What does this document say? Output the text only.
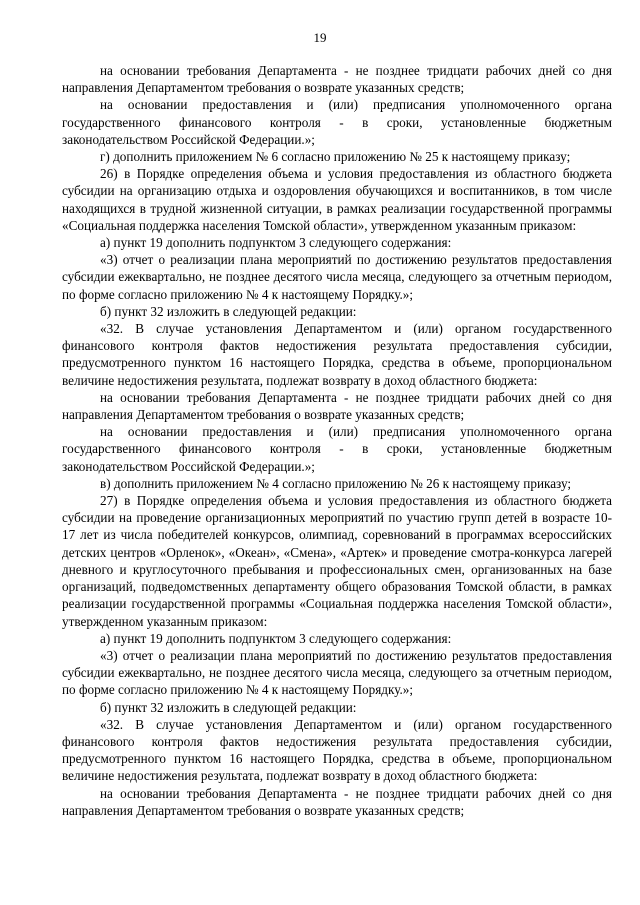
19

на основании требования Департамента - не позднее тридцати рабочих дней со дня направления Департаментом требования о возврате указанных средств;

на основании предоставления и (или) предписания уполномоченного органа государственного финансового контроля - в сроки, установленные бюджетным законодательством Российской Федерации.»;

г) дополнить приложением № 6 согласно приложению № 25 к настоящему приказу;

26) в Порядке определения объема и условия предоставления из областного бюджета субсидии на организацию отдыха и оздоровления обучающихся и воспитанников, в том числе находящихся в трудной жизненной ситуации, в рамках реализации государственной программы «Социальная поддержка населения Томской области», утвержденном указанным приказом:

а) пункт 19 дополнить подпунктом 3 следующего содержания:

«3) отчет о реализации плана мероприятий по достижению результатов предоставления субсидии ежеквартально, не позднее десятого числа месяца, следующего за отчетным периодом, по форме согласно приложению № 4 к настоящему Порядку.»;

б) пункт 32 изложить в следующей редакции:

«32. В случае установления Департаментом и (или) органом государственного финансового контроля фактов недостижения результата предоставления субсидии, предусмотренного пунктом 16 настоящего Порядка, средства в объеме, пропорциональном величине недостижения результата, подлежат возврату в доход областного бюджета:

на основании требования Департамента - не позднее тридцати рабочих дней со дня направления Департаментом требования о возврате указанных средств;

на основании предоставления и (или) предписания уполномоченного органа государственного финансового контроля - в сроки, установленные бюджетным законодательством Российской Федерации.»;

в) дополнить приложением № 4 согласно приложению № 26 к настоящему приказу;

27) в Порядке определения объема и условия предоставления из областного бюджета субсидии на проведение организационных мероприятий по участию групп детей в возрасте 10-17 лет из числа победителей конкурсов, олимпиад, соревнований в программах всероссийских детских центров «Орленок», «Океан», «Смена», «Артек» и проведение смотра-конкурса лагерей дневного и круглосуточного пребывания и профессиональных смен, организованных на базе организаций, подведомственных департаменту общего образования Томской области, в рамках реализации государственной программы «Социальная поддержка населения Томской области», утвержденном указанным приказом:

а) пункт 19 дополнить подпунктом 3 следующего содержания:

«3) отчет о реализации плана мероприятий по достижению результатов предоставления субсидии ежеквартально, не позднее десятого числа месяца, следующего за отчетным периодом, по форме согласно приложению № 4 к настоящему Порядку.»;

б) пункт 32 изложить в следующей редакции:

«32. В случае установления Департаментом и (или) органом государственного финансового контроля фактов недостижения результата предоставления субсидии, предусмотренного пунктом 16 настоящего Порядка, средства в объеме, пропорциональном величине недостижения результата, подлежат возврату в доход областного бюджета:

на основании требования Департамента - не позднее тридцати рабочих дней со дня направления Департаментом требования о возврате указанных средств;
